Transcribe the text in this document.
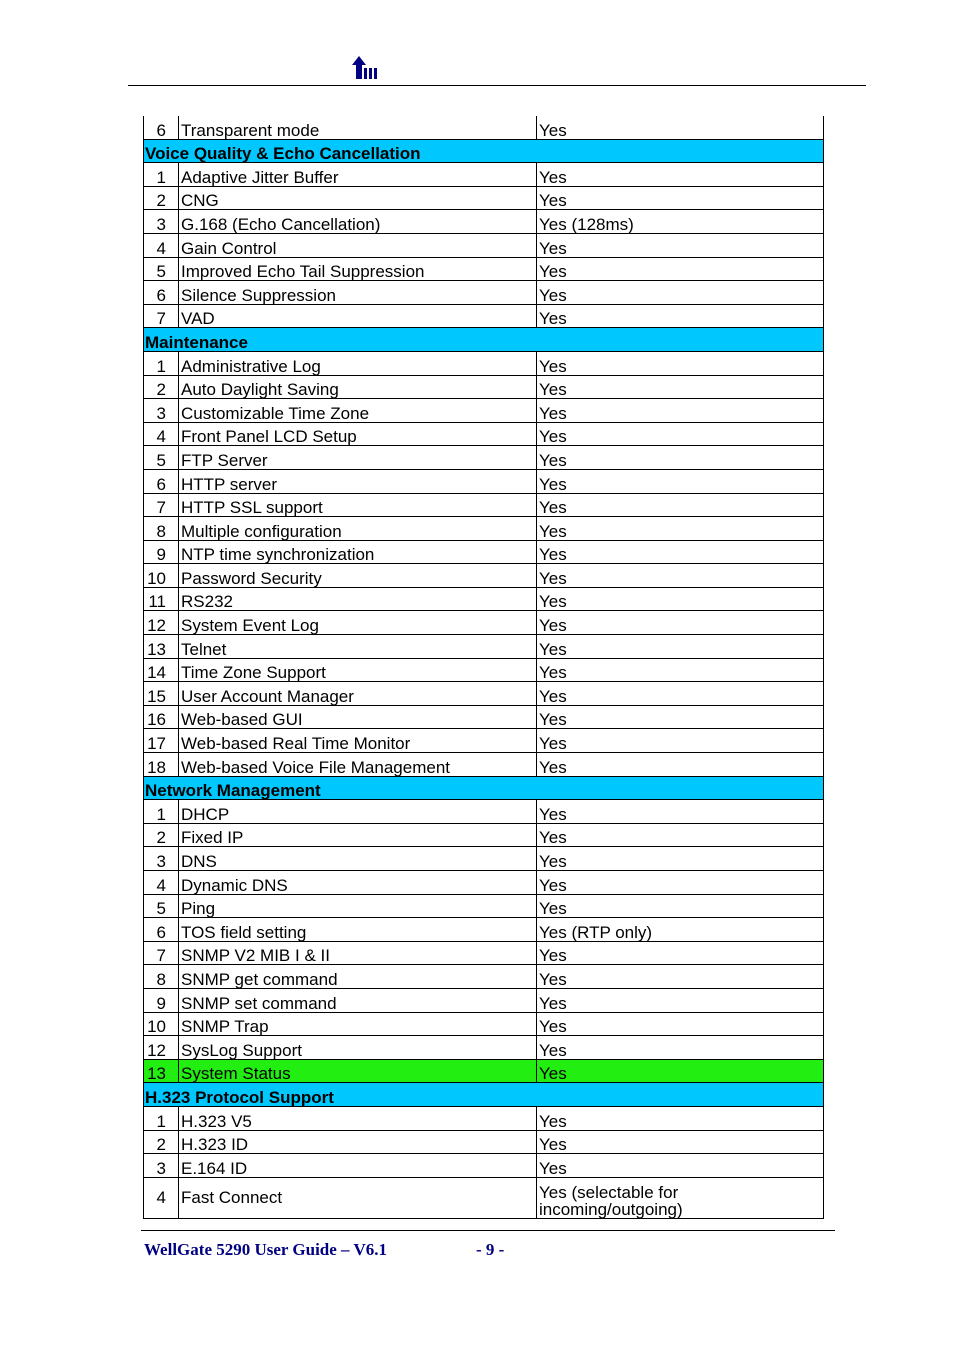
6	Transparent mode	Yes
Voice Quality & Echo Cancellation		
1	Adaptive Jitter Buffer	Yes
2	CNG	Yes
3	G.168 (Echo Cancellation)	Yes (128ms)
4	Gain Control	Yes
5	Improved Echo Tail Suppression	Yes
6	Silence Suppression	Yes
7	VAD	Yes
Maintenance		
1	Administrative Log	Yes
2	Auto Daylight Saving	Yes
3	Customizable Time Zone	Yes
4	Front Panel LCD Setup	Yes
5	FTP Server	Yes
6	HTTP server	Yes
7	HTTP SSL support	Yes
8	Multiple configuration	Yes
9	NTP time synchronization	Yes
10	Password Security	Yes
11	RS232	Yes
12	System Event Log	Yes
13	Telnet	Yes
14	Time Zone Support	Yes
15	User Account Manager	Yes
16	Web-based GUI	Yes
17	Web-based Real Time Monitor	Yes
18	Web-based Voice File Management	Yes
Network Management		
1	DHCP	Yes
2	Fixed IP	Yes
3	DNS	Yes
4	Dynamic DNS	Yes
5	Ping	Yes
6	TOS field setting	Yes (RTP only)
7	SNMP V2 MIB I & II	Yes
8	SNMP get command	Yes
9	SNMP set command	Yes
10	SNMP Trap	Yes
12	SysLog Support	Yes
13	System Status	Yes
H.323 Protocol Support		
1	H.323 V5	Yes
2	H.323 ID	Yes
3	E.164 ID	Yes
4	Fast Connect	Yes (selectable for incoming/outgoing)
WellGate 5290 User Guide – V6.1	- 9 -
